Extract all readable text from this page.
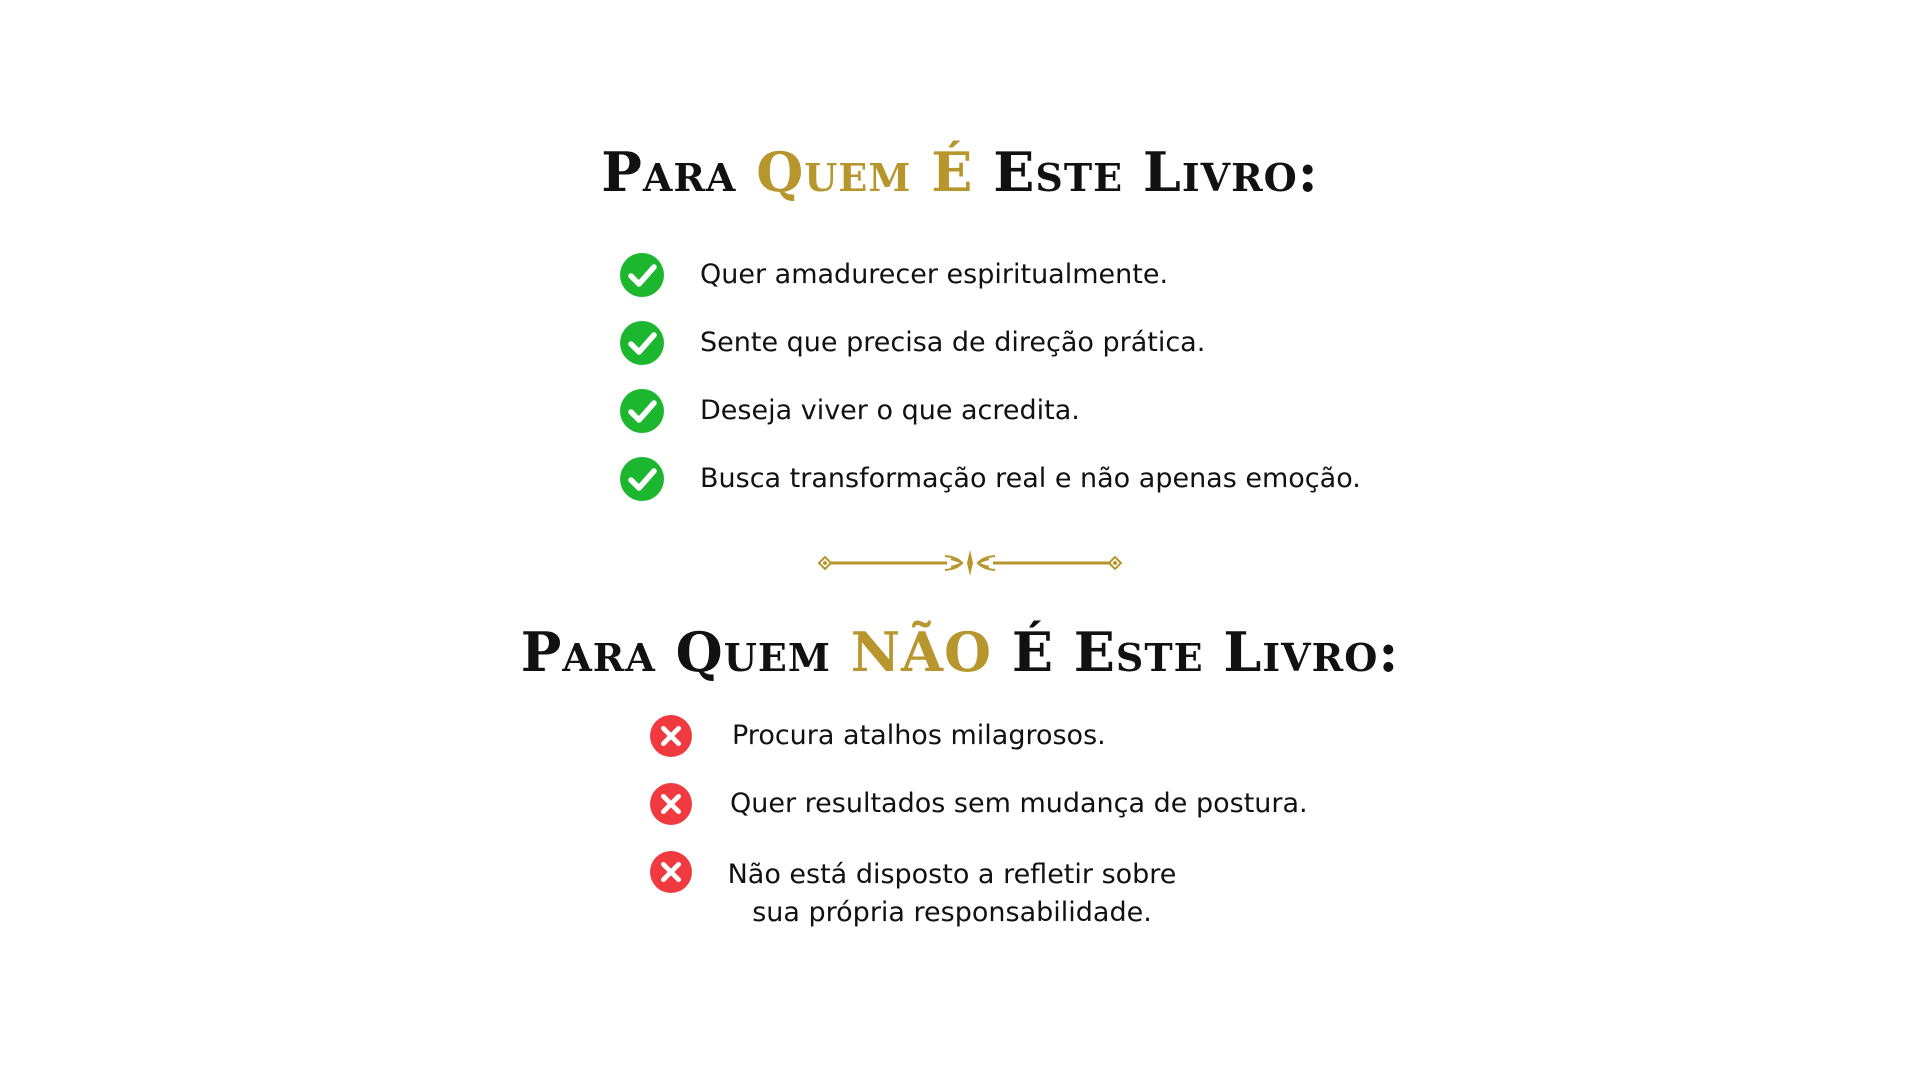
Para Quem É Este Livro:
Quer amadurecer espiritualmente.
Sente que precisa de direção prática.
Deseja viver o que acredita.
Busca transformação real e não apenas emoção.
Para Quem NÃO É Este Livro:
Procura atalhos milagrosos.
Quer resultados sem mudança de postura.
Não está disposto a refletir sobre sua própria responsabilidade.
